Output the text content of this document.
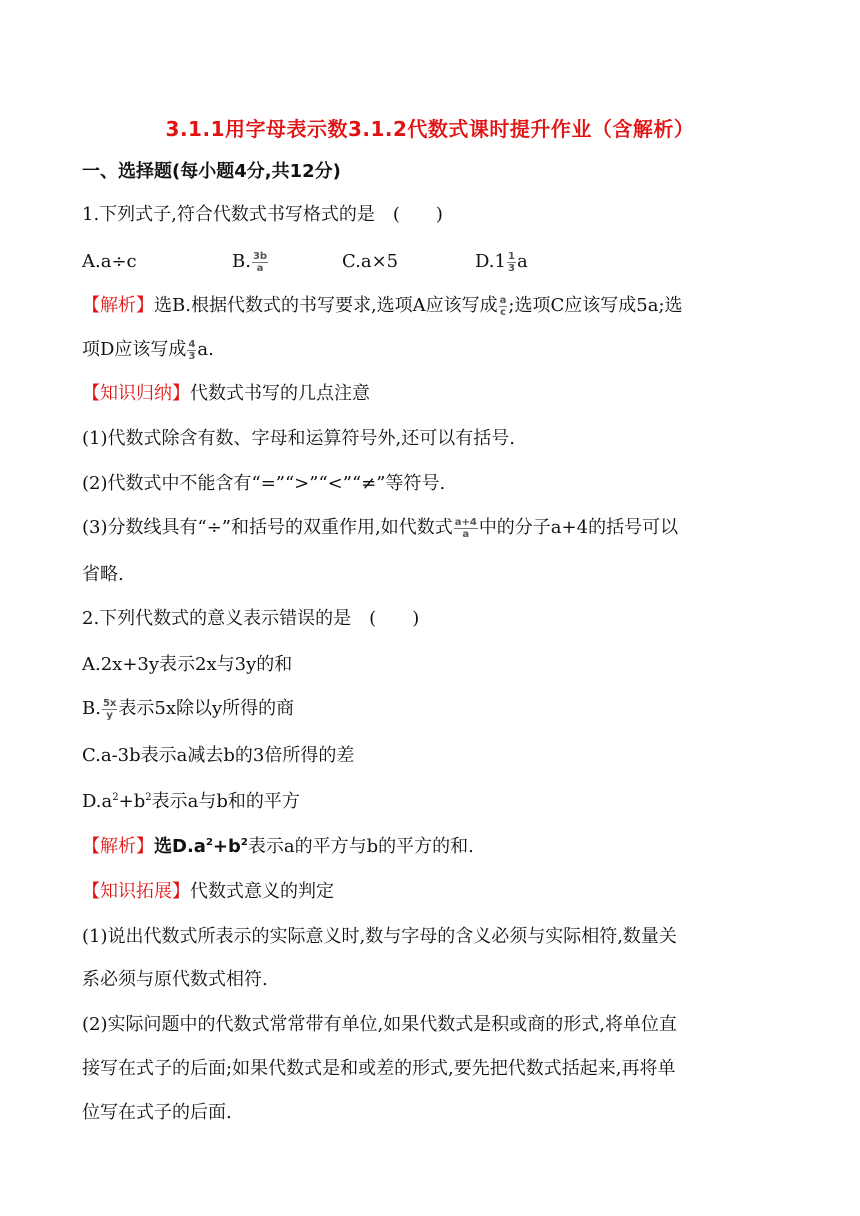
3.1.1用字母表示数3.1.2代数式课时提升作业（含解析）
一、选择题(每小题4分,共12分)
1.下列式子,符合代数式书写格式的是　(　　)
A.a÷c	B. $\frac{3b}{a}$	C.a×5	$D.1 \frac{1}{3}$ a
【解析】选B.根据代数式的书写要求,选项A应该写成 $\frac{a}{c}$ ;选项C应该写成5a;选
项D应该写成 $\frac{4}{3} a$.
【知识归纳】代数式书写的几点注意
(1)代数式除含有数、字母和运算符号外,还可以有括号.
(2)代数式中不能含有“=”“>”“<”“≠”等符号.
(3)分数线具有“÷”和括号的双重作用,如代数式 $\frac{a+4}{a}$ 中的分子a+4的括号可以
省略.
2.下列代数式的意义表示错误的是　(　　)
A.2x+3y表示2x与3y的和
B. $\frac{5x}{y}$ 表示5x除以y所得的商
C.a-3b表示a减去b的3倍所得的差
$D.a^2+b^2$表示a与b和的平方
【解析】选$D.a^2+b^2$表示a的平方与b的平方的和.
【知识拓展】代数式意义的判定
(1)说出代数式所表示的实际意义时,数与字母的含义必须与实际相符,数量关
系必须与原代数式相符.
(2)实际问题中的代数式常常带有单位,如果代数式是积或商的形式,将单位直
接写在式子的后面;如果代数式是和或差的形式,要先把代数式括起来,再将单
位写在式子的后面.
